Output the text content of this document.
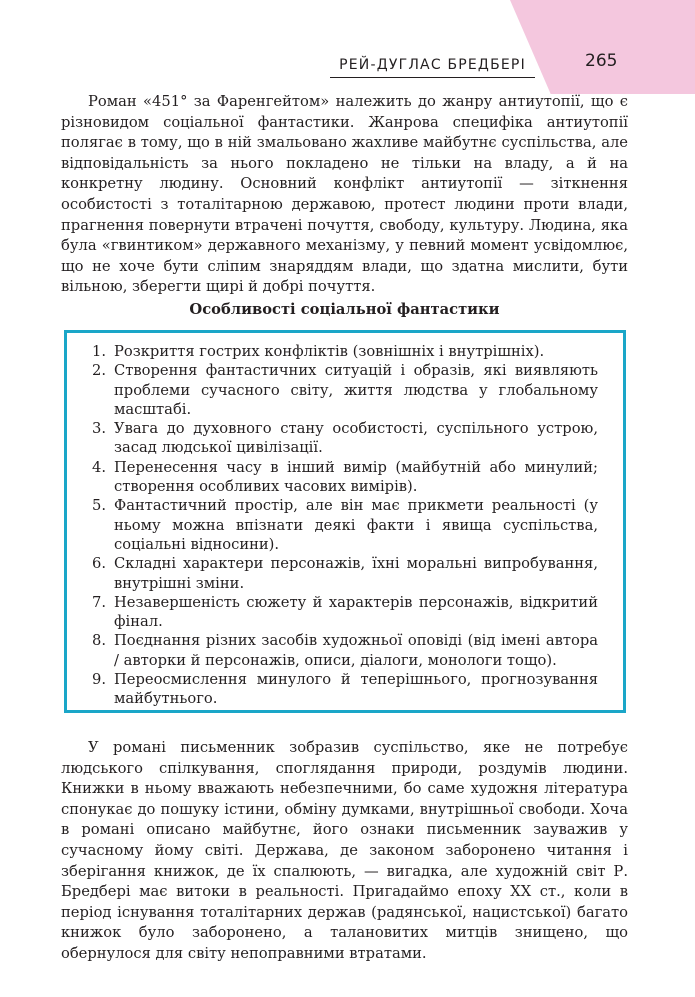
РЕЙ-ДУГЛАС БРЕДБЕРІ	265

Роман «451° за Фаренгейтом» належить до жанру антиутопії, що є різновидом соціальної фантастики. Жанрова специфіка антиутопії полягає в тому, що в ній змальовано жахливе майбутнє суспільства, але відповідальність за нього покладено не тільки на владу, а й на конкретну людину. Основний конфлікт антиутопії — зіткнення особистості з тоталітарною державою, протест людини проти влади, прагнення повернути втрачені почуття, свободу, культуру. Людина, яка була «гвинтиком» державного механізму, у певний момент усвідомлює, що не хоче бути сліпим знаряддям влади, що здатна мислити, бути вільною, зберегти щирі й добрі почуття.

Особливості соціальної фантастики
1. Розкриття гострих конфліктів (зовнішніх і внутрішніх).
2. Створення фантастичних ситуацій і образів, які виявляють проблеми сучасного світу, життя людства у глобальному масштабі.
3. Увага до духовного стану особистості, суспільного устрою, засад людської цивілізації.
4. Перенесення часу в інший вимір (майбутній або минулий; створення особливих часових вимірів).
5. Фантастичний простір, але він має прикмети реальності (у ньому можна впізнати деякі факти і явища суспільства, соціальні відносини).
6. Складні характери персонажів, їхні моральні випробування, внутрішні зміни.
7. Незавершеність сюжету й характерів персонажів, відкритий фінал.
8. Поєднання різних засобів художньої оповіді (від імені автора / авторки й персонажів, описи, діалоги, монологи тощо).
9. Переосмислення минулого й теперішнього, прогнозування майбутнього.

У романі письменник зобразив суспільство, яке не потребує людського спілкування, споглядання природи, роздумів людини. Книжки в ньому вважають небезпечними, бо саме художня література спонукає до пошуку істини, обміну думками, внутрішньої свободи. Хоча в романі описано майбутнє, його ознаки письменник зауважив у сучасному йому світі. Держава, де законом заборонено читання і зберігання книжок, де їх спалюють, — вигадка, але художній світ Р. Бредбері має витоки в реальності. Пригадаймо епоху XX ст., коли в період існування тоталітарних держав (радянської, нацистської) багато книжок було заборонено, а талановитих митців знищено, що обернулося для світу непоправними втратами.
